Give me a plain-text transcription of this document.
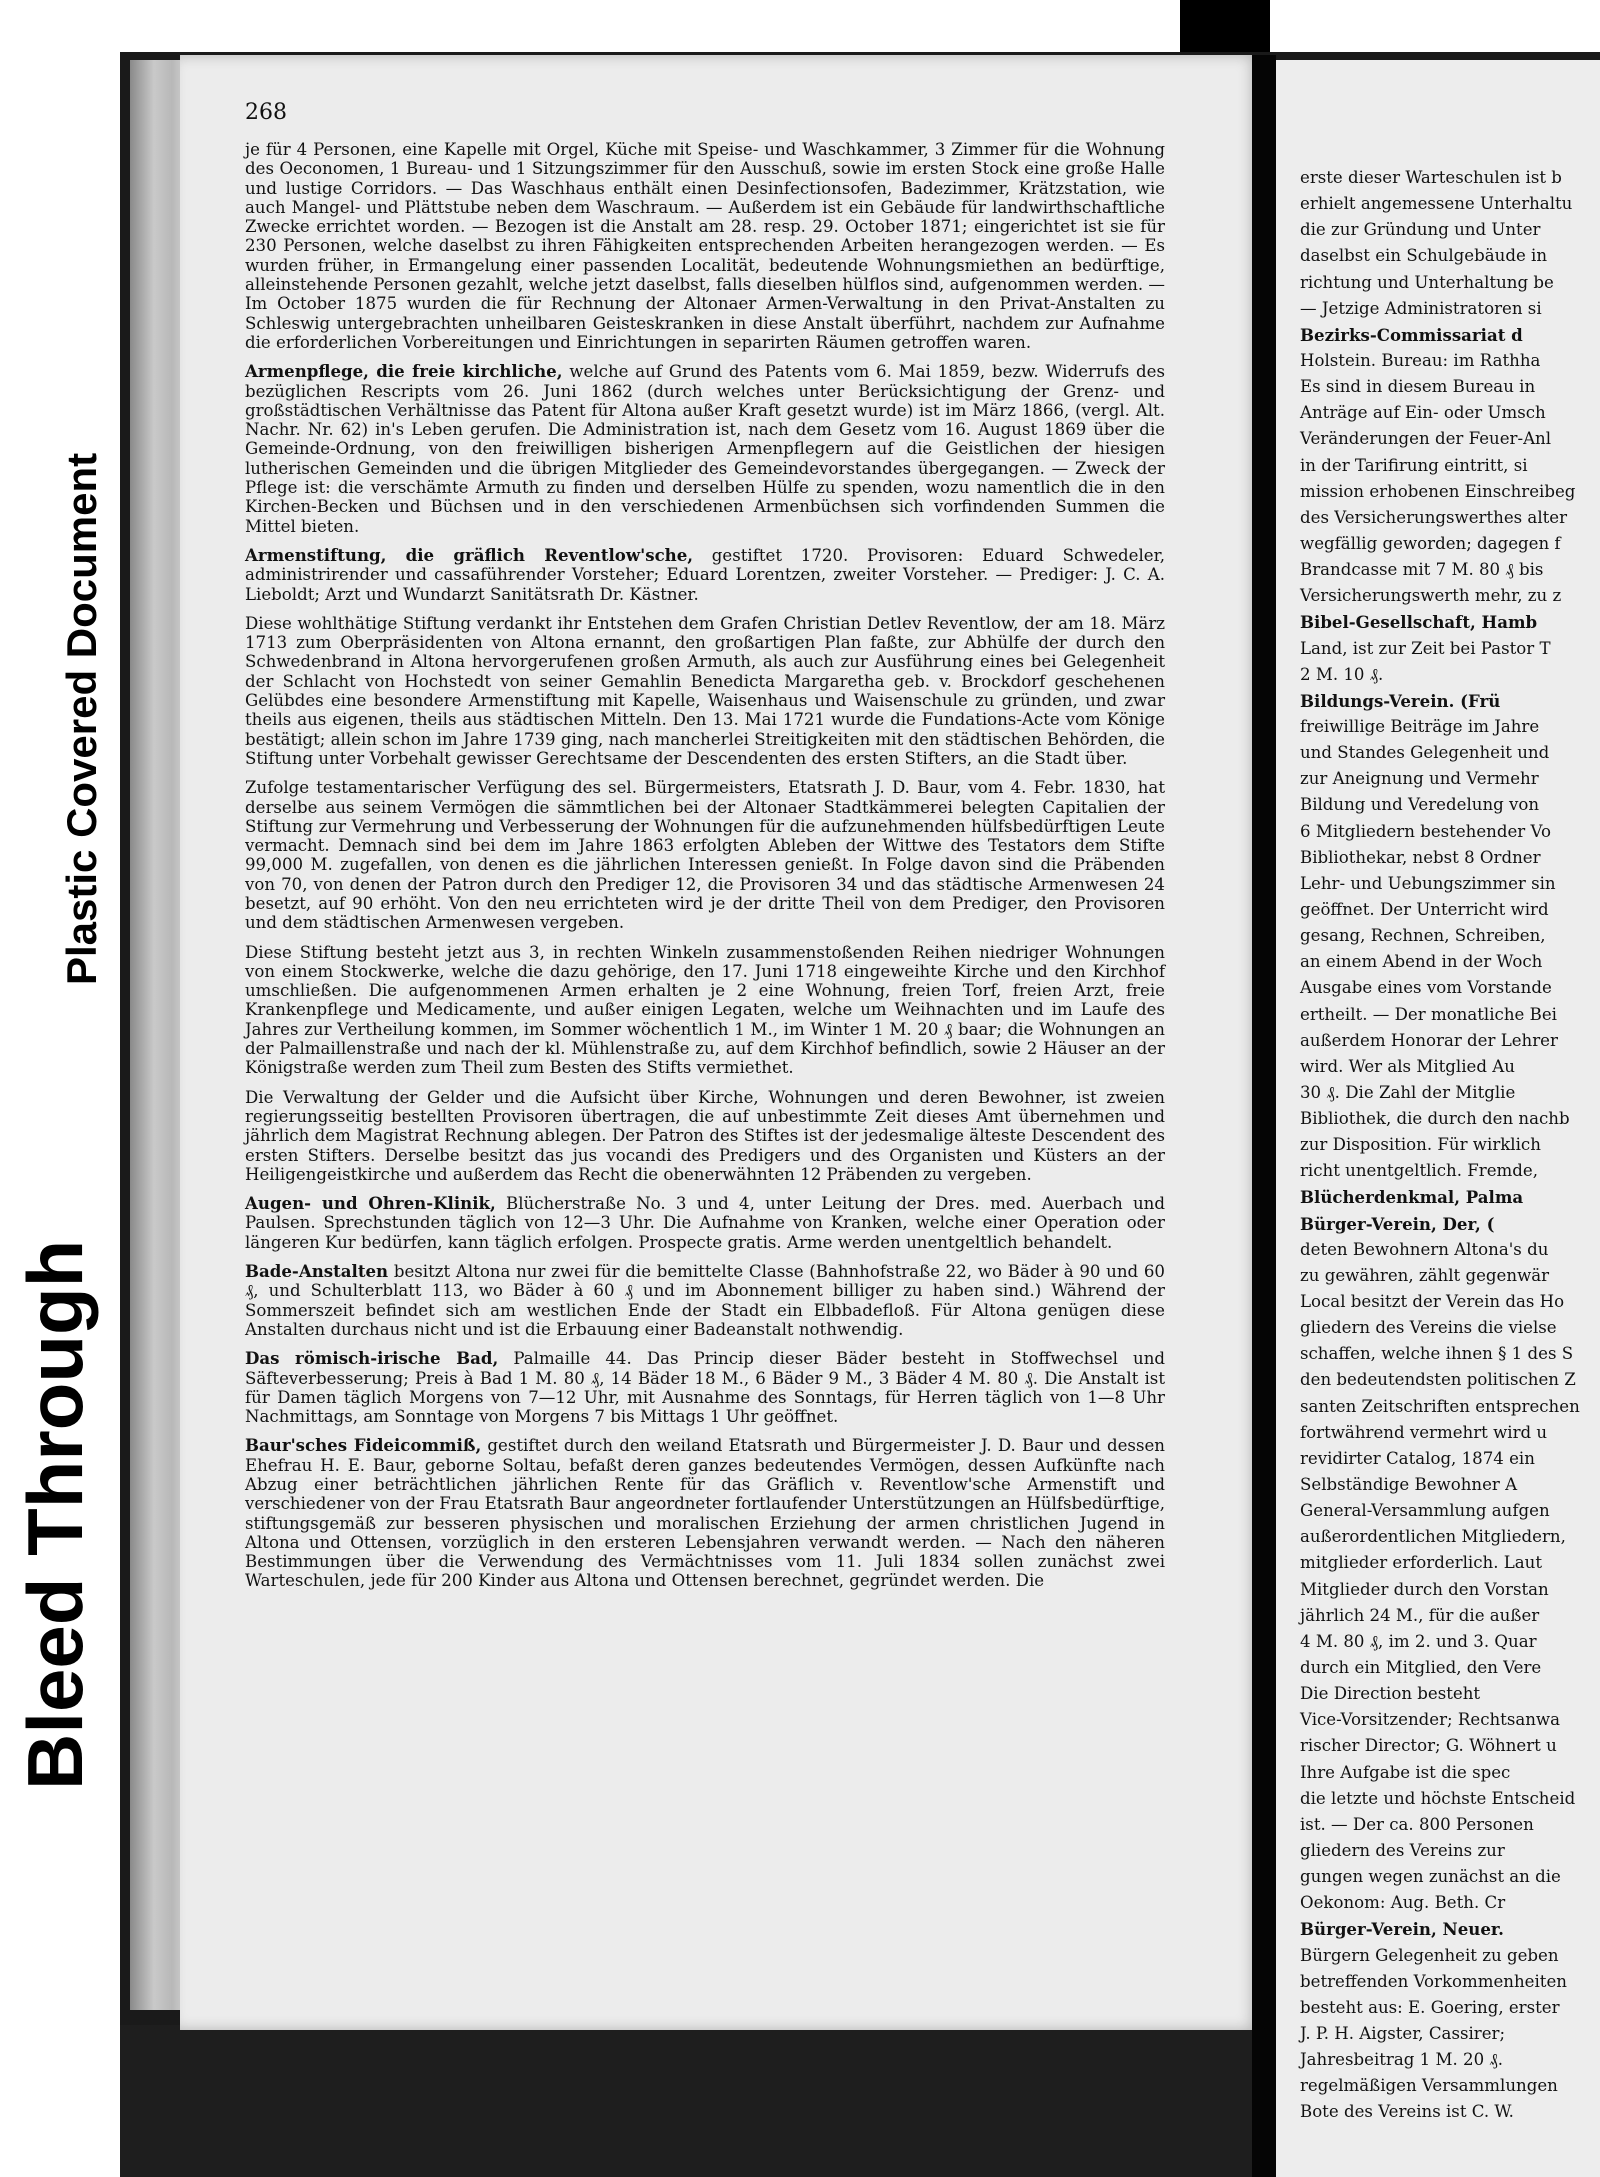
Bleed Through
Plastic Covered Document
268

je für 4 Personen, eine Kapelle mit Orgel, Küche mit Speise- und Waschkammer, 3 Zimmer für die Wohnung des Oeconomen, 1 Bureau- und 1 Sitzungszimmer für den Ausschuß, sowie im ersten Stock eine große Halle und lustige Corridors. — Das Waschhaus enthält einen Desinfectionsofen, Badezimmer, Krätzstation, wie auch Mangel- und Plättstube neben dem Waschraum. — Außerdem ist ein Gebäude für landwirthschaftliche Zwecke errichtet worden. — Bezogen ist die Anstalt am 28. resp. 29. October 1871; eingerichtet ist sie für 230 Personen, welche daselbst zu ihren Fähigkeiten entsprechenden Arbeiten herangezogen werden. — Es wurden früher, in Ermangelung einer passenden Localität, bedeutende Wohnungsmiethen an bedürftige, alleinstehende Personen gezahlt, welche jetzt daselbst, falls dieselben hülflos sind, aufgenommen werden. — Im October 1875 wurden die für Rechnung der Altonaer Armen-Verwaltung in den Privat-Anstalten zu Schleswig untergebrachten unheilbaren Geisteskranken in diese Anstalt überführt, nachdem zur Aufnahme die erforderlichen Vorbereitungen und Einrichtungen in separirten Räumen getroffen waren.

Armenpflege, die freie kirchliche, welche auf Grund des Patents vom 6. Mai 1859, bezw. Widerrufs des bezüglichen Rescripts vom 26. Juni 1862 (durch welches unter Berücksichtigung der Grenz- und großstädtischen Verhältnisse das Patent für Altona außer Kraft gesetzt wurde) ist im März 1866, (vergl. Alt. Nachr. Nr. 62) in's Leben gerufen. Die Administration ist, nach dem Gesetz vom 16. August 1869 über die Gemeinde-Ordnung, von den freiwilligen bisherigen Armenpflegern auf die Geistlichen der hiesigen lutherischen Gemeinden und die übrigen Mitglieder des Gemeindevorstandes übergegangen. — Zweck der Pflege ist: die verschämte Armuth zu finden und derselben Hülfe zu spenden, wozu namentlich die in den Kirchen-Becken und Büchsen und in den verschiedenen Armenbüchsen sich vorfindenden Summen die Mittel bieten.

Armenstiftung, die gräflich Reventlow'sche, gestiftet 1720. Provisoren: Eduard Schwedeler, administrirender und cassaführender Vorsteher; Eduard Lorentzen, zweiter Vorsteher. — Prediger: J. C. A. Lieboldt; Arzt und Wundarzt Sanitätsrath Dr. Kästner.

Diese wohlthätige Stiftung verdankt ihr Entstehen dem Grafen Christian Detlev Reventlow, der am 18. März 1713 zum Oberpräsidenten von Altona ernannt, den großartigen Plan faßte, zur Abhülfe der durch den Schwedenbrand in Altona hervorgerufenen großen Armuth, als auch zur Ausführung eines bei Gelegenheit der Schlacht von Hochstedt von seiner Gemahlin Benedicta Margaretha geb. v. Brockdorf geschehenen Gelübdes eine besondere Armenstiftung mit Kapelle, Waisenhaus und Waisenschule zu gründen, und zwar theils aus eigenen, theils aus städtischen Mitteln. Den 13. Mai 1721 wurde die Fundations-Acte vom Könige bestätigt; allein schon im Jahre 1739 ging, nach mancherlei Streitigkeiten mit den städtischen Behörden, die Stiftung unter Vorbehalt gewisser Gerechtsame der Descendenten des ersten Stifters, an die Stadt über.

Zufolge testamentarischer Verfügung des sel. Bürgermeisters, Etatsrath J. D. Baur, vom 4. Febr. 1830, hat derselbe aus seinem Vermögen die sämmtlichen bei der Altonaer Stadtkämmerei belegten Capitalien der Stiftung zur Vermehrung und Verbesserung der Wohnungen für die aufzunehmenden hülfsbedürftigen Leute vermacht. Demnach sind bei dem im Jahre 1863 erfolgten Ableben der Wittwe des Testators dem Stifte 99,000 M. zugefallen, von denen es die jährlichen Interessen genießt. In Folge davon sind die Präbenden von 70, von denen der Patron durch den Prediger 12, die Provisoren 34 und das städtische Armenwesen 24 besetzt, auf 90 erhöht. Von den neu errichteten wird je der dritte Theil von dem Prediger, den Provisoren und dem städtischen Armenwesen vergeben.

Diese Stiftung besteht jetzt aus 3, in rechten Winkeln zusammenstoßenden Reihen niedriger Wohnungen von einem Stockwerke, welche die dazu gehörige, den 17. Juni 1718 eingeweihte Kirche und den Kirchhof umschließen. Die aufgenommenen Armen erhalten je 2 eine Wohnung, freien Torf, freien Arzt, freie Krankenpflege und Medicamente, und außer einigen Legaten, welche um Weihnachten und im Laufe des Jahres zur Vertheilung kommen, im Sommer wöchentlich 1 M., im Winter 1 M. 20 ₰ baar; die Wohnungen an der Palmaillenstraße und nach der kl. Mühlenstraße zu, auf dem Kirchhof befindlich, sowie 2 Häuser an der Königstraße werden zum Theil zum Besten des Stifts vermiethet.

Die Verwaltung der Gelder und die Aufsicht über Kirche, Wohnungen und deren Bewohner, ist zweien regierungsseitig bestellten Provisoren übertragen, die auf unbestimmte Zeit dieses Amt übernehmen und jährlich dem Magistrat Rechnung ablegen. Der Patron des Stiftes ist der jedesmalige älteste Descendent des ersten Stifters. Derselbe besitzt das jus vocandi des Predigers und des Organisten und Küsters an der Heiligengeistkirche und außerdem das Recht die obenerwähnten 12 Präbenden zu vergeben.

Augen- und Ohren-Klinik, Blücherstraße No. 3 und 4, unter Leitung der Dres. med. Auerbach und Paulsen. Sprechstunden täglich von 12—3 Uhr. Die Aufnahme von Kranken, welche einer Operation oder längeren Kur bedürfen, kann täglich erfolgen. Prospecte gratis. Arme werden unentgeltlich behandelt.

Bade-Anstalten besitzt Altona nur zwei für die bemittelte Classe (Bahnhofstraße 22, wo Bäder à 90 und 60 ₰, und Schulterblatt 113, wo Bäder à 60 ₰ und im Abonnement billiger zu haben sind.) Während der Sommerszeit befindet sich am westlichen Ende der Stadt ein Elbbadefloß. Für Altona genügen diese Anstalten durchaus nicht und ist die Erbauung einer Badeanstalt nothwendig.

Das römisch-irische Bad, Palmaille 44. Das Princip dieser Bäder besteht in Stoffwechsel und Säfteverbesserung; Preis à Bad 1 M. 80 ₰, 14 Bäder 18 M., 6 Bäder 9 M., 3 Bäder 4 M. 80 ₰. Die Anstalt ist für Damen täglich Morgens von 7—12 Uhr, mit Ausnahme des Sonntags, für Herren täglich von 1—8 Uhr Nachmittags, am Sonntage von Morgens 7 bis Mittags 1 Uhr geöffnet.

Baur'sches Fideicommiß, gestiftet durch den weiland Etatsrath und Bürgermeister J. D. Baur und dessen Ehefrau H. E. Baur, geborne Soltau, befaßt deren ganzes bedeutendes Vermögen, dessen Aufkünfte nach Abzug einer beträchtlichen jährlichen Rente für das Gräflich v. Reventlow'sche Armenstift und verschiedener von der Frau Etatsrath Baur angeordneter fortlaufender Unterstützungen an Hülfsbedürftige, stiftungsgemäß zur besseren physischen und moralischen Erziehung der armen christlichen Jugend in Altona und Ottensen, vorzüglich in den ersteren Lebensjahren verwandt werden. — Nach den näheren Bestimmungen über die Verwendung des Vermächtnisses vom 11. Juli 1834 sollen zunächst zwei Warteschulen, jede für 200 Kinder aus Altona und Ottensen berechnet, gegründet werden. Die

erste dieser Warteschulen ist b

erhielt angemessene Unterhaltu

die zur Gründung und Unter

daselbst ein Schulgebäude in

richtung und Unterhaltung be

— Jetzige Administratoren si

Bezirks-Commissariat d

Holstein. Bureau: im Rathha

Es sind in diesem Bureau in

Anträge auf Ein- oder Umsch

Veränderungen der Feuer-Anl

in der Tarifirung eintritt, si

mission erhobenen Einschreibeg

des Versicherungswerthes alter

wegfällig geworden; dagegen f

Brandcasse mit 7 M. 80 ₰ bis

Versicherungswerth mehr, zu z

Bibel-Gesellschaft, Hamb

Land, ist zur Zeit bei Pastor T

2 M. 10 ₰.

Bildungs-Verein. (Frü

freiwillige Beiträge im Jahre

und Standes Gelegenheit und

zur Aneignung und Vermehr

Bildung und Veredelung von

6 Mitgliedern bestehender Vo

Bibliothekar, nebst 8 Ordner

Lehr- und Uebungszimmer sin

geöffnet. Der Unterricht wird

gesang, Rechnen, Schreiben,

an einem Abend in der Woch

Ausgabe eines vom Vorstande

ertheilt. — Der monatliche Bei

außerdem Honorar der Lehrer

wird. Wer als Mitglied Au

30 ₰. Die Zahl der Mitglie

Bibliothek, die durch den nachb

zur Disposition. Für wirklich

richt unentgeltlich. Fremde,

Blücherdenkmal, Palma

Bürger-Verein, Der, (

deten Bewohnern Altona's du

zu gewähren, zählt gegenwär

Local besitzt der Verein das Ho

gliedern des Vereins die vielse

schaffen, welche ihnen § 1 des S

den bedeutendsten politischen Z

santen Zeitschriften entsprechen

fortwährend vermehrt wird u

revidirter Catalog, 1874 ein

Selbständige Bewohner A

General-Versammlung aufgen

außerordentlichen Mitgliedern,

mitglieder erforderlich. Laut

Mitglieder durch den Vorstan

jährlich 24 M., für die außer

4 M. 80 ₰, im 2. und 3. Quar

durch ein Mitglied, den Vere

Die Direction besteht

Vice-Vorsitzender; Rechtsanwa

rischer Director; G. Wöhnert u

Ihre Aufgabe ist die spec

die letzte und höchste Entscheid

ist. — Der ca. 800 Personen

gliedern des Vereins zur

gungen wegen zunächst an die

Oekonom: Aug. Beth. Cr

Bürger-Verein, Neuer.

Bürgern Gelegenheit zu geben

betreffenden Vorkommenheiten

besteht aus: E. Goering, erster

J. P. H. Aigster, Cassirer;

Jahresbeitrag 1 M. 20 ₰.

regelmäßigen Versammlungen

Bote des Vereins ist C. W.
